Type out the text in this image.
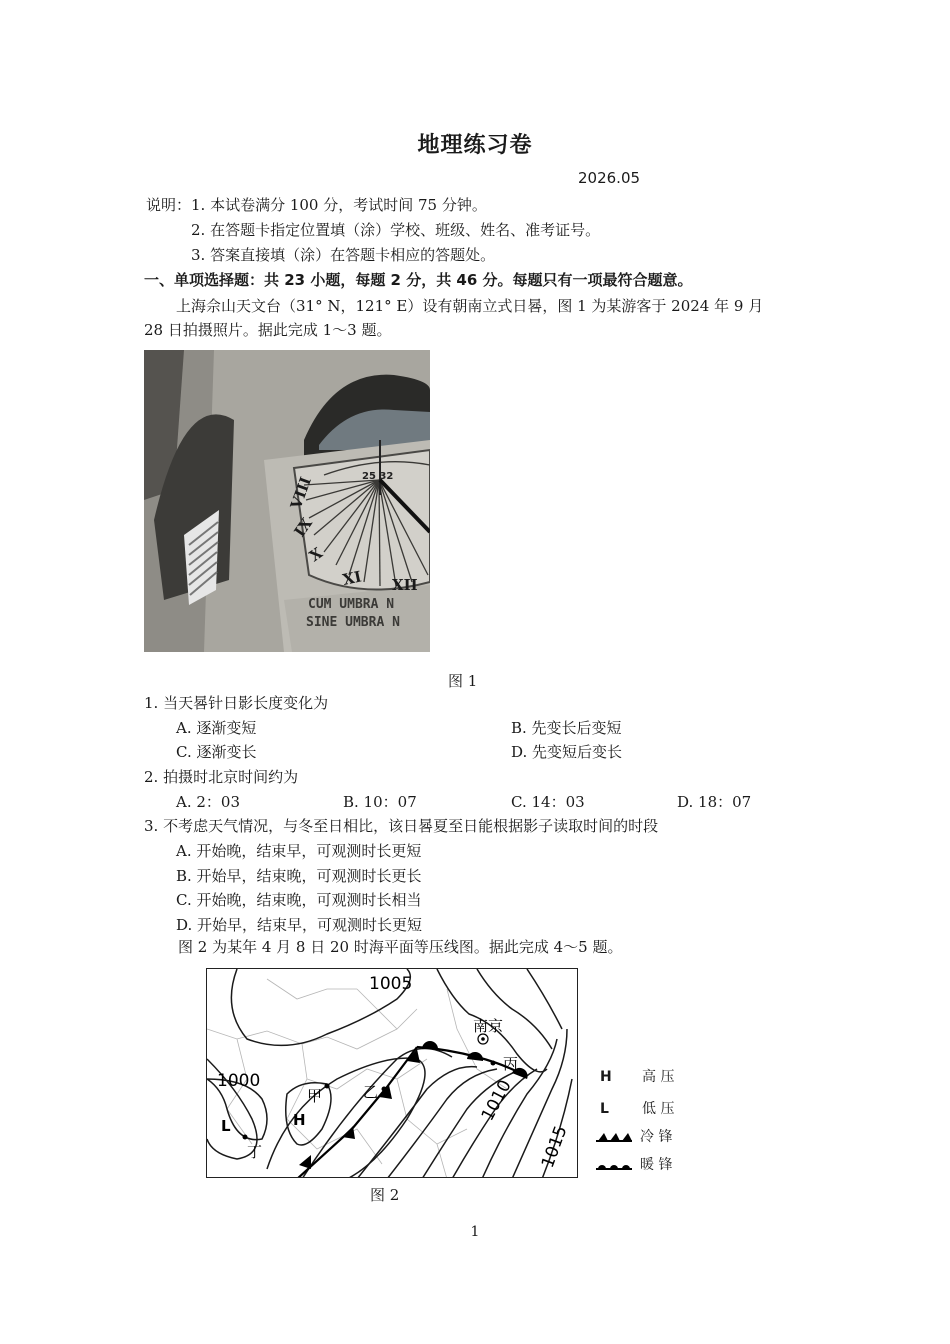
地理练习卷
2026.05
说明： 1. 本试卷满分 100 分，考试时间 75 分钟。
2. 在答题卡指定位置填（涂）学校、班级、姓名、准考证号。
3. 答案直接填（涂）在答题卡相应的答题处。
一、单项选择题：共 23 小题，每题 2 分，共 46 分。每题只有一项最符合题意。
上海佘山天文台（31° N，121° E）设有朝南立式日晷，图 1 为某游客于 2024 年 9 月
28 日拍摄照片。据此完成 1～3 题。
25 32
VIII
IX
X
XI XII
CUM UMBRA N
SINE UMBRA N
图 1
1. 当天晷针日影长度变化为
A. 逐渐变短	B. 先变长后变短
C. 逐渐变长	D. 先变短后变长
2. 拍摄时北京时间约为
A. 2：03	B. 10：07	C. 14：03	D. 18：07
3. 不考虑天气情况，与冬至日相比，该日晷夏至日能根据影子读取时间的时段
A. 开始晚，结束早，可观测时长更短
B. 开始早，结束晚，可观测时长更长
C. 开始晚，结束晚，可观测时长相当
D. 开始早，结束早，可观测时长更短
图 2 为某年 4 月 8 日 20 时海平面等压线图。据此完成 4～5 题。
1005
1000	1010
1015
南京
甲	乙
丙
丁
H
L
图 2
H 高 压
L 低 压
冷 锋
暖 锋
1
